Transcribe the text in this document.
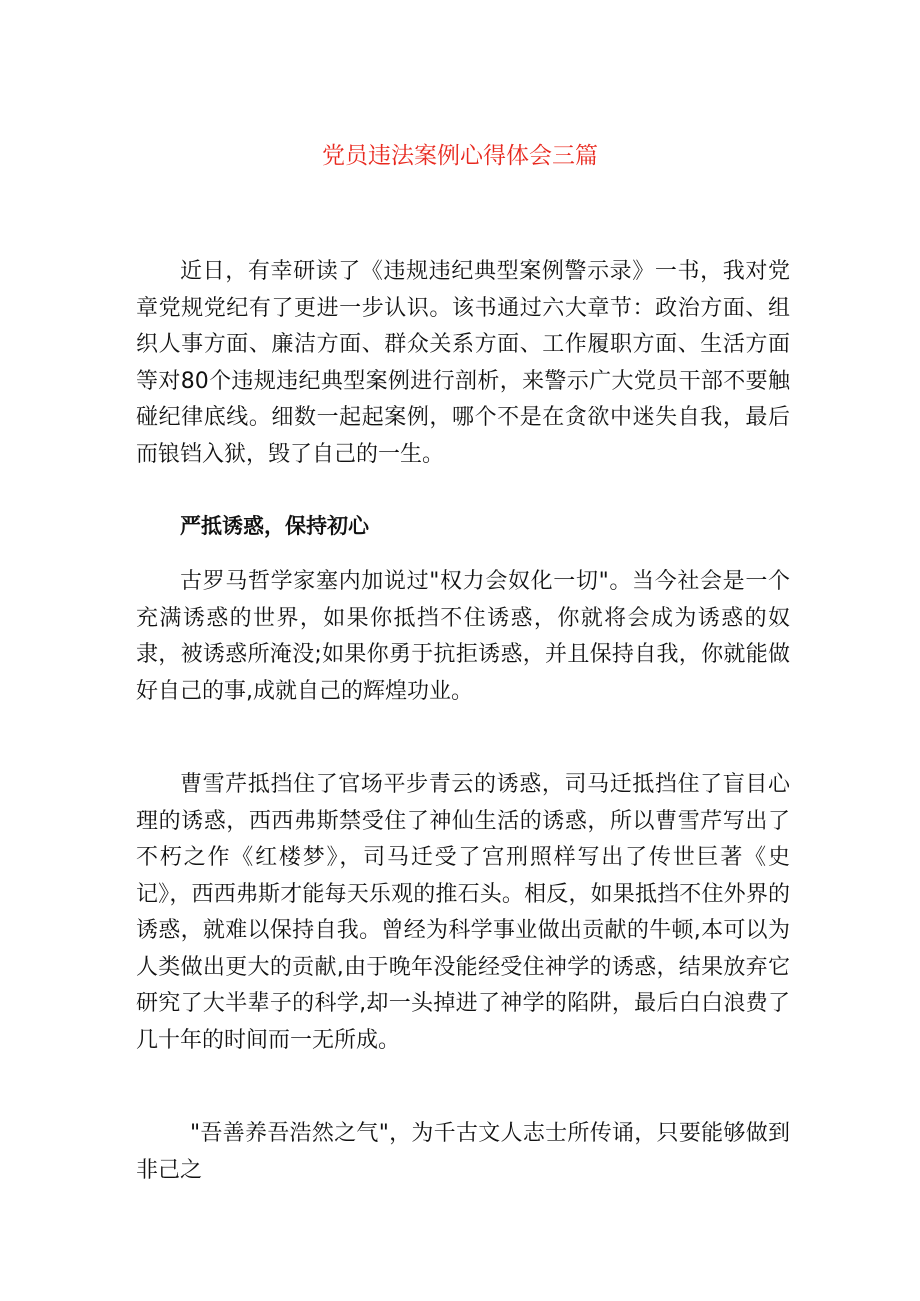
党员违法案例心得体会三篇

近日，有幸研读了《违规违纪典型案例警示录》一书，我对党章党规党纪有了更进一步认识。该书通过六大章节：政治方面、组织人事方面、廉洁方面、群众关系方面、工作履职方面、生活方面等对80个违规违纪典型案例进行剖析，来警示广大党员干部不要触碰纪律底线。细数一起起案例，哪个不是在贪欲中迷失自我，最后而锒铛入狱，毁了自己的一生。

严抵诱惑，保持初心

古罗马哲学家塞内加说过"权力会奴化一切"。当今社会是一个充满诱惑的世界，如果你抵挡不住诱惑，你就将会成为诱惑的奴隶，被诱惑所淹没;如果你勇于抗拒诱惑，并且保持自我，你就能做好自己的事,成就自己的辉煌功业。

曹雪芹抵挡住了官场平步青云的诱惑，司马迁抵挡住了盲目心理的诱惑，西西弗斯禁受住了神仙生活的诱惑，所以曹雪芹写出了不朽之作《红楼梦》，司马迁受了宫刑照样写出了传世巨著《史记》，西西弗斯才能每天乐观的推石头。相反，如果抵挡不住外界的诱惑，就难以保持自我。曾经为科学事业做出贡献的牛顿,本可以为人类做出更大的贡献,由于晚年没能经受住神学的诱惑，结果放弃它研究了大半辈子的科学,却一头掉进了神学的陷阱，最后白白浪费了几十年的时间而一无所成。

"吾善养吾浩然之气"，为千古文人志士所传诵，只要能够做到非己之
